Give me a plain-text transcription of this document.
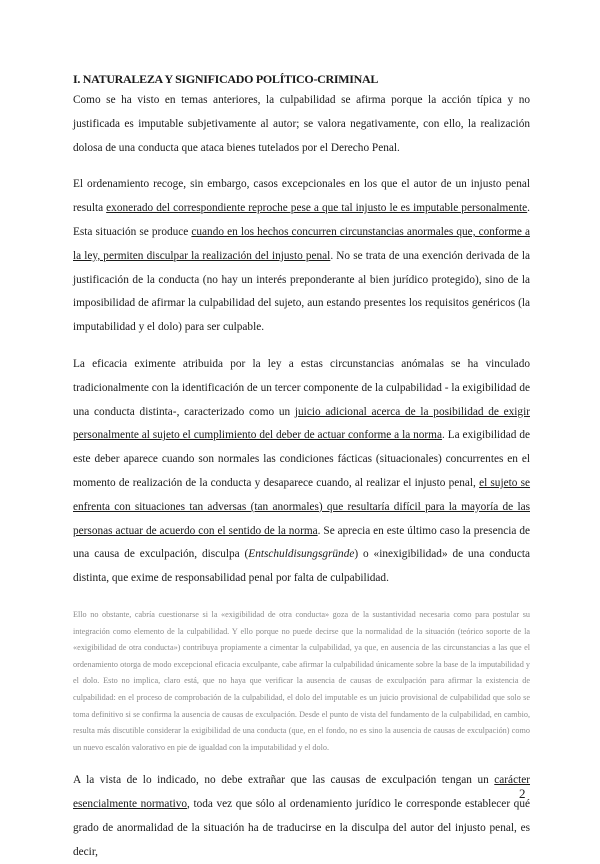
I. NATURALEZA Y SIGNIFICADO POLÍTICO-CRIMINAL

Como se ha visto en temas anteriores, la culpabilidad se afirma porque la acción típica y no justificada es imputable subjetivamente al autor; se valora negativamente, con ello, la realización dolosa de una conducta que ataca bienes tutelados por el Derecho Penal.

El ordenamiento recoge, sin embargo, casos excepcionales en los que el autor de un injusto penal resulta exonerado del correspondiente reproche pese a que tal injusto le es imputable personalmente. Esta situación se produce cuando en los hechos concurren circunstancias anormales que, conforme a la ley, permiten disculpar la realización del injusto penal. No se trata de una exención derivada de la justificación de la conducta (no hay un interés preponderante al bien jurídico protegido), sino de la imposibilidad de afirmar la culpabilidad del sujeto, aun estando presentes los requisitos genéricos (la imputabilidad y el dolo) para ser culpable.

La eficacia eximente atribuida por la ley a estas circunstancias anómalas se ha vinculado tradicionalmente con la identificación de un tercer componente de la culpabilidad - la exigibilidad de una conducta distinta-, caracterizado como un juicio adicional acerca de la posibilidad de exigir personalmente al sujeto el cumplimiento del deber de actuar conforme a la norma. La exigibilidad de este deber aparece cuando son normales las condiciones fácticas (situacionales) concurrentes en el momento de realización de la conducta y desaparece cuando, al realizar el injusto penal, el sujeto se enfrenta con situaciones tan adversas (tan anormales) que resultaría difícil para la mayoría de las personas actuar de acuerdo con el sentido de la norma. Se aprecia en este último caso la presencia de una causa de exculpación, disculpa (Entschuldisungsgründe) o «inexigibilidad» de una conducta distinta, que exime de responsabilidad penal por falta de culpabilidad.

Ello no obstante, cabría cuestionarse si la «exigibilidad de otra conducta» goza de la sustantividad necesaria como para postular su integración como elemento de la culpabilidad. Y ello porque no puede decirse que la normalidad de la situación (teórico soporte de la «exigibilidad de otra conducta») contribuya propiamente a cimentar la culpabilidad, ya que, en ausencia de las circunstancias a las que el ordenamiento otorga de modo excepcional eficacia exculpante, cabe afirmar la culpabilidad únicamente sobre la base de la imputabilidad y el dolo. Esto no implica, claro está, que no haya que verificar la ausencia de causas de exculpación para afirmar la existencia de culpabilidad: en el proceso de comprobación de la culpabilidad, el dolo del imputable es un juicio provisional de culpabilidad que solo se toma definitivo si se confirma la ausencia de causas de exculpación. Desde el punto de vista del fundamento de la culpabilidad, en cambio, resulta más discutible considerar la exigibilidad de una conducta (que, en el fondo, no es sino la ausencia de causas de exculpación) como un nuevo escalón valorativo en pie de igualdad con la imputabilidad y el dolo.

A la vista de lo indicado, no debe extrañar que las causas de exculpación tengan un carácter esencialmente normativo, toda vez que sólo al ordenamiento jurídico le corresponde establecer qué grado de anormalidad de la situación ha de traducirse en la disculpa del autor del injusto penal, es decir,

2
